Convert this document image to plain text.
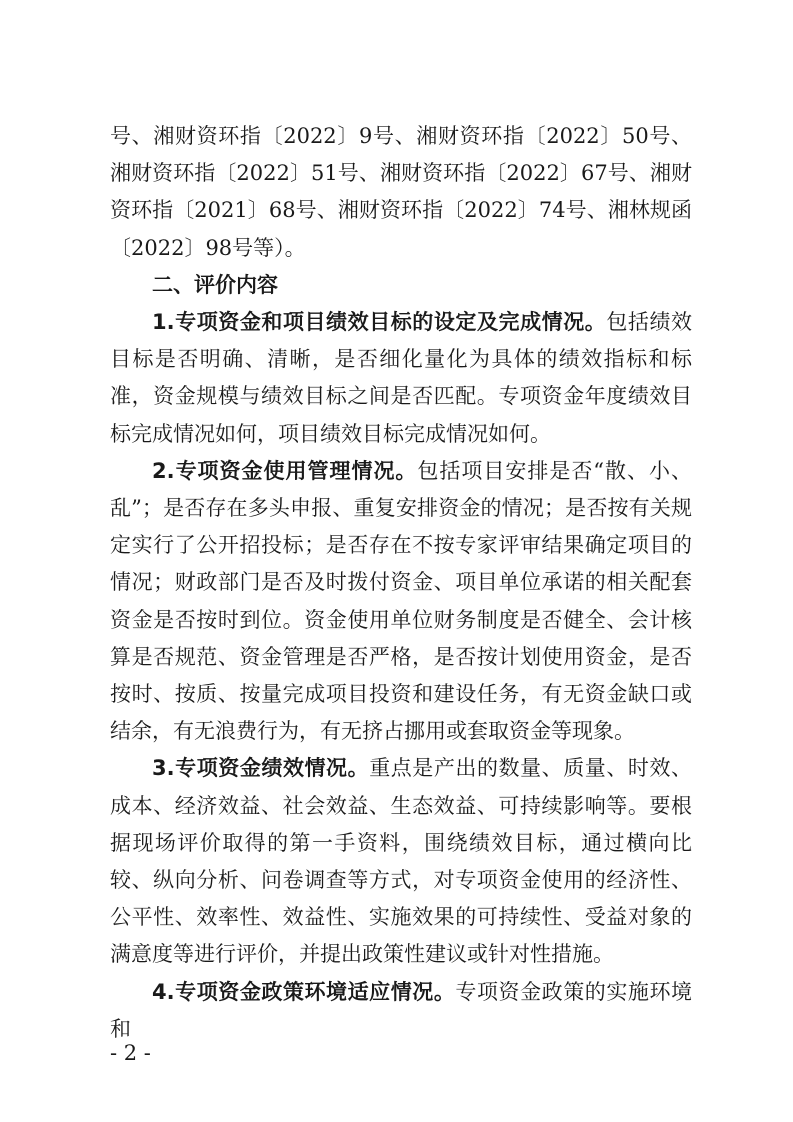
号、湘财资环指〔2022〕9号、湘财资环指〔2022〕50号、湘财资环指〔2022〕51号、湘财资环指〔2022〕67号、湘财资环指〔2021〕68号、湘财资环指〔2022〕74号、湘林规函〔2022〕98号等）。

二、评价内容

1.专项资金和项目绩效目标的设定及完成情况。包括绩效目标是否明确、清晰，是否细化量化为具体的绩效指标和标准，资金规模与绩效目标之间是否匹配。专项资金年度绩效目标完成情况如何，项目绩效目标完成情况如何。

2.专项资金使用管理情况。包括项目安排是否“散、小、乱”；是否存在多头申报、重复安排资金的情况；是否按有关规定实行了公开招投标；是否存在不按专家评审结果确定项目的情况；财政部门是否及时拨付资金、项目单位承诺的相关配套资金是否按时到位。资金使用单位财务制度是否健全、会计核算是否规范、资金管理是否严格，是否按计划使用资金，是否按时、按质、按量完成项目投资和建设任务，有无资金缺口或结余，有无浪费行为，有无挤占挪用或套取资金等现象。

3.专项资金绩效情况。重点是产出的数量、质量、时效、成本、经济效益、社会效益、生态效益、可持续影响等。要根据现场评价取得的第一手资料，围绕绩效目标，通过横向比较、纵向分析、问卷调查等方式，对专项资金使用的经济性、公平性、效率性、效益性、实施效果的可持续性、受益对象的满意度等进行评价，并提出政策性建议或针对性措施。

4.专项资金政策环境适应情况。专项资金政策的实施环境和

- 2 -
